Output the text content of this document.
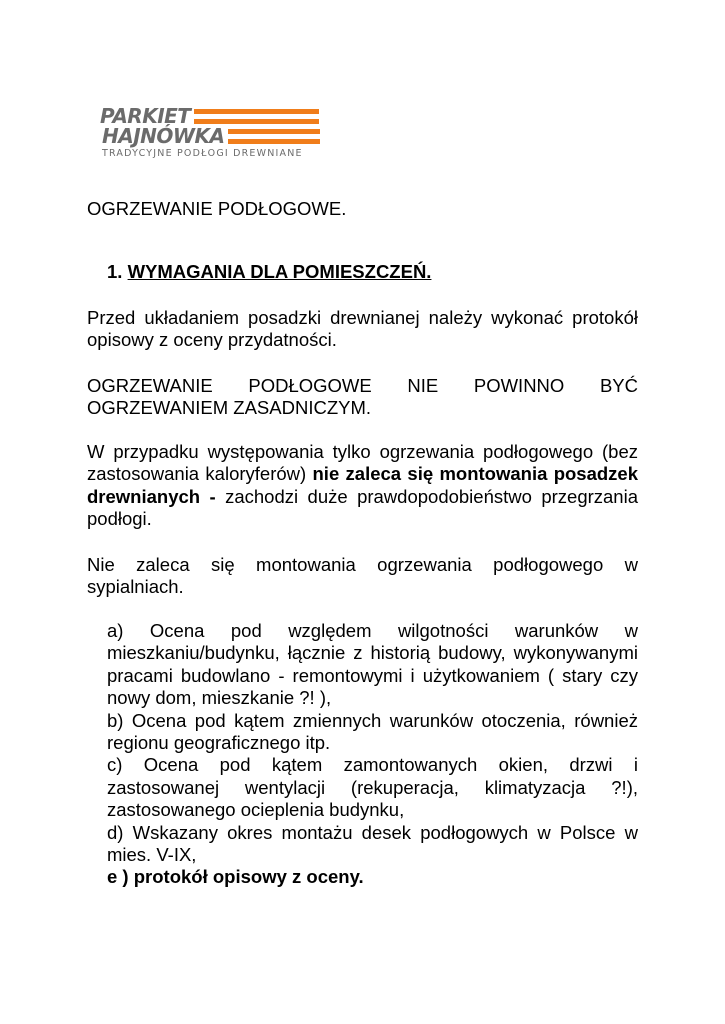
PARKIET
HAJNÓWKA
TRADYCYJNE PODŁOGI DREWNIANE

OGRZEWANIE PODŁOGOWE.

1. WYMAGANIA DLA POMIESZCZEŃ.

Przed układaniem posadzki drewnianej należy wykonać protokół opisowy z oceny przydatności.

OGRZEWANIE PODŁOGOWE NIE POWINNO BYĆ

OGRZEWANIEM ZASADNICZYM.

W przypadku występowania tylko ogrzewania podłogowego (bez zastosowania kaloryferów) nie zaleca się montowania posadzek drewnianych - zachodzi duże prawdopodobieństwo przegrzania podłogi.

Nie zaleca się montowania ogrzewania podłogowego w sypialniach.

a) Ocena pod względem wilgotności warunków w mieszkaniu/budynku, łącznie z historią budowy, wykonywanymi pracami budowlano - remontowymi i użytkowaniem ( stary czy nowy dom, mieszkanie ?! ),
b) Ocena pod kątem zmiennych warunków otoczenia, również regionu geograficznego itp.
c) Ocena pod kątem zamontowanych okien, drzwi i zastosowanej wentylacji (rekuperacja, klimatyzacja ?!), zastosowanego ocieplenia budynku,
d) Wskazany okres montażu desek podłogowych w Polsce w mies. V-IX,
e ) protokół opisowy z oceny.
